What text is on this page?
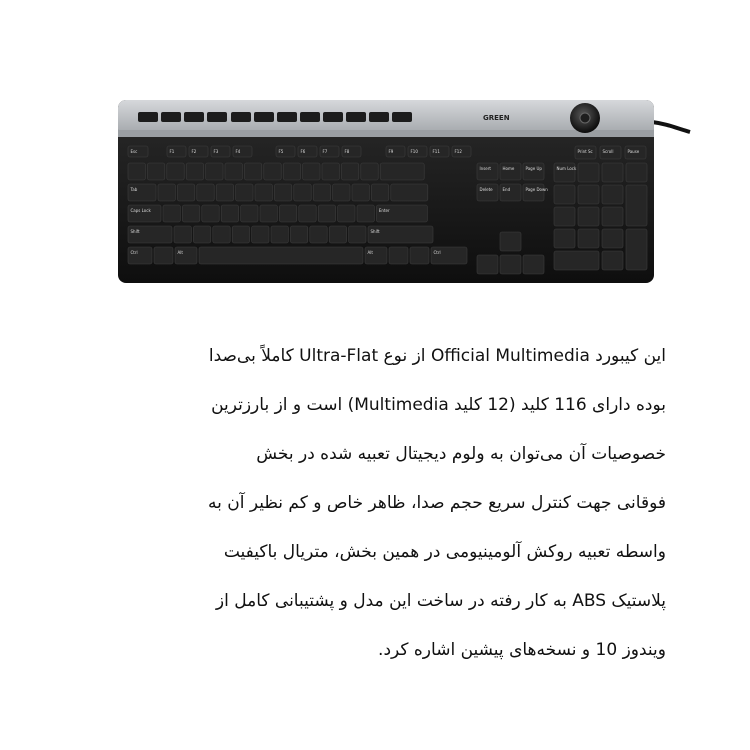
GREEN
Esc	F1	F2	F3	F4	F5	F6	F7	F8	F9	F10	F11	F12	Print Sc Scroll	Pause
Tab
Caps Lock	Enter
Shift	Shift
Ctrl	Alt	Alt	Ctrl
Insert	Home	Page Up
Delete End	Page Down
Num Lock
این کیبورد Official Multimedia از نوع Ultra-Flat کاملاً بی‌صدا
بوده دارای 116 کلید (12 کلید Multimedia) است و از بارزترین
خصوصیات آن می‌توان به ولوم دیجیتال تعبیه شده در بخش
فوقانی جهت کنترل سریع حجم صدا، ظاهر خاص و کم نظیر آن به
واسطه تعبیه روکش آلومینیومی در همین بخش، متریال باکیفیت
پلاستیک ABS به کار رفته در ساخت این مدل و پشتیبانی کامل از
ویندوز 10 و نسخه‌های پیشین اشاره کرد.
